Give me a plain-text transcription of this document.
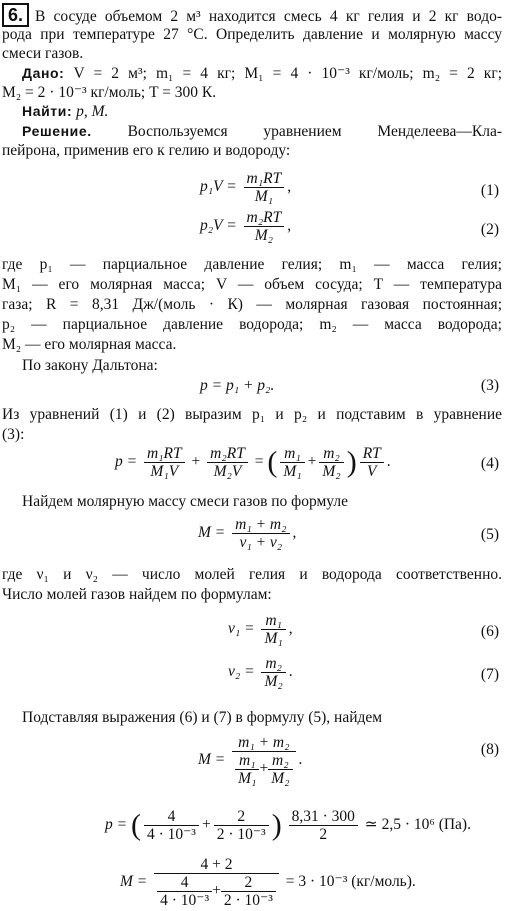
6. В сосуде объемом 2 м³ находится смесь 4 кг гелия и 2 кг водо-
рода при температуре 27 °С. Определить давление и молярную массу
смеси газов.
Дано: V = 2 м³; m₁ = 4 кг; M₁ = 4 · 10⁻³ кг/моль; m₂ = 2 кг;
M₂ = 2 · 10⁻³ кг/моль; T = 300 К.
Найти: p, M.
Решение. Воспользуемся уравнением Менделеева—Кла-
пейрона, применив его к гелию и водороду:
$p_1V = \frac{\text{m₁RT}}{\text{M₁}}$ ,	(1)
$p_2V = \frac{\text{m₂RT}}{\text{M₂}}$ ,	(2)
где p₁ — парциальное давление гелия; m₁ — масса гелия;
M₁ — его молярная масса; V — объем сосуда; T — температура
газа; R = 8,31 Дж/(моль · К) — молярная газовая постоянная;
p₂ — парциальное давление водорода; m₂ — масса водорода;
M₂ — его молярная масса.
По закону Дальтона:
p = p₁ + p₂.	(3)
Из уравнений (1) и (2) выразим p₁ и p₂ и подставим в уравнение
(3):
$p = \frac{\text{m₁RT}}{\text{M₁V}} + \frac{\text{m₂RT}}{\text{M₂V}}$ = ( $\frac{\text{m₁}}{\text{M₁}} + \frac{\text{m₂}}{\text{M₂}}$ ) $\frac{RT}{V}$ .	(4)
Найдем молярную массу смеси газов по формуле
$M = \frac{\text{m₁ + m₂}}{\text{ν₁ + ν₂}}$ ,	(5)
где ν₁ и ν₂ — число молей гелия и водорода соответственно.
Число молей газов найдем по формулам:
$\nu_1 = \frac{\text{m₁}}{\text{M₁}}$ ,	(6)
$\nu_2 = \frac{\text{m₂}}{\text{M₂}}$ .	(7)
Подставляя выражения (6) и (7) в формулу (5), найдем
$M = \frac{\text{m₁ + m₂}}{\frac{\text{m₁}}{\text{M₁}} + \frac{\text{m₂}}{\text{M₂}}}$ .
(8)
p = ( $\frac{4}{\text{4 · 10⁻³}} + \frac{2}{\text{2 · 10⁻³}}$ ) $\frac{8,31 \cdot 300}{2}$ ≃ 2,5 · 10⁶ (Па).
$M = \frac{4 + 2}{\frac{4}{\text{4 · 10⁻³}} + \frac{2}{\text{2 · 10⁻³}}} = 3 \cdot 10^{-3}$ (кг/моль).
